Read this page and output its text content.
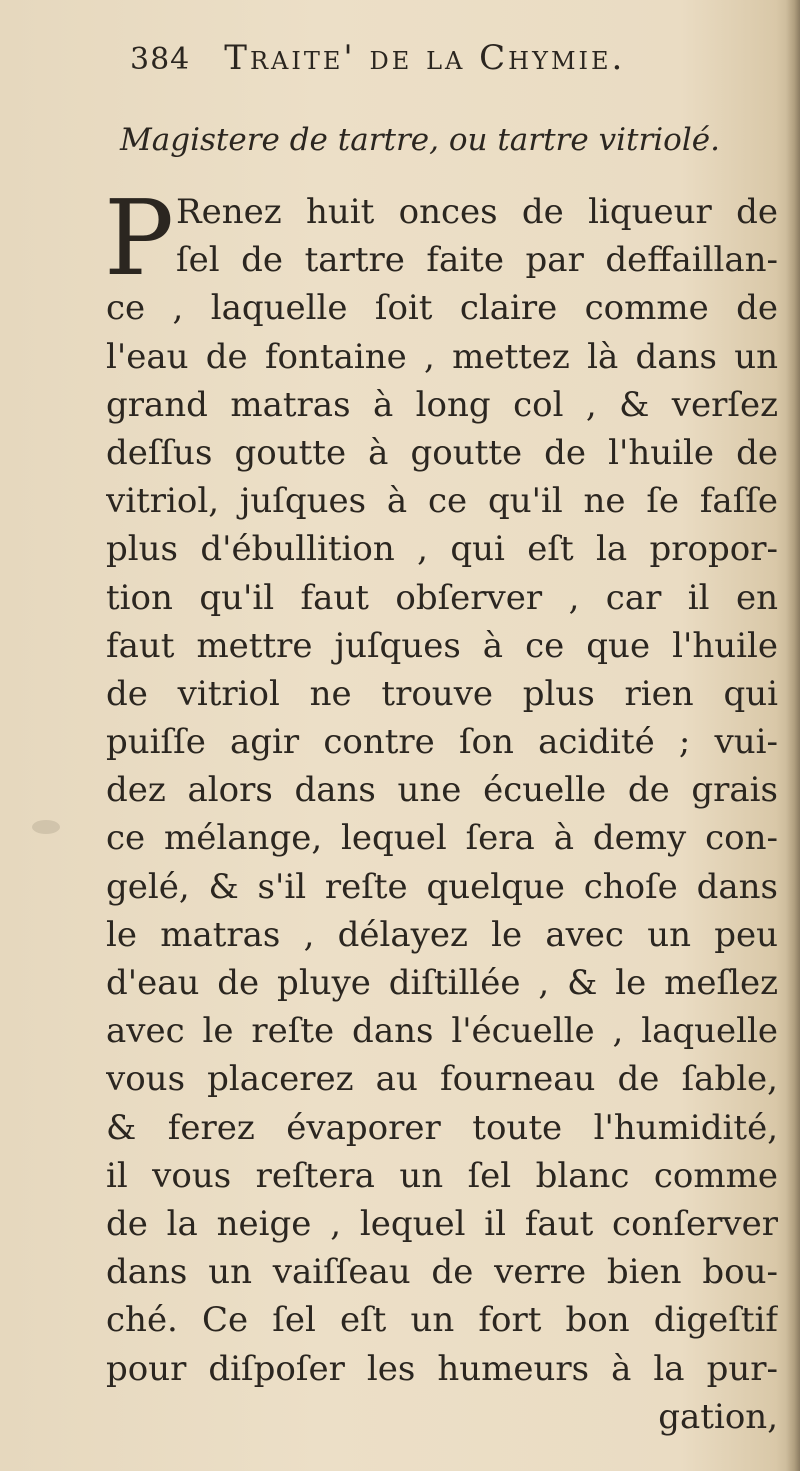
384 Traite' de la Chymie.
Magistere de tartre, ou tartre vitriolé.
P Renez huit onces de liqueur de
ſel de tartre faite par deffaillan-
ce , laquelle ſoit claire comme de
l'eau de fontaine , mettez là dans un
grand matras à long col , & verſez
deſſus goutte à goutte de l'huile de
vitriol, juſques à ce qu'il ne ſe faſſe
plus d'ébullition , qui eſt la propor-
tion qu'il faut obſerver , car il en
faut mettre juſques à ce que l'huile
de vitriol ne trouve plus rien qui
puiſſe agir contre ſon acidité ; vui-
dez alors dans une écuelle de grais
ce mélange, lequel ſera à demy con-
gelé, & s'il reſte quelque choſe dans
le matras , délayez le avec un peu
d'eau de pluye diſtillée , & le meſlez
avec le reſte dans l'écuelle , laquelle
vous placerez au fourneau de ſable,
& ferez évaporer toute l'humidité,
il vous reſtera un ſel blanc comme
de la neige , lequel il faut conſerver
dans un vaiſſeau de verre bien bou-
ché. Ce ſel eſt un fort bon digeſtif
pour diſpoſer les humeurs à la pur-
gation,
